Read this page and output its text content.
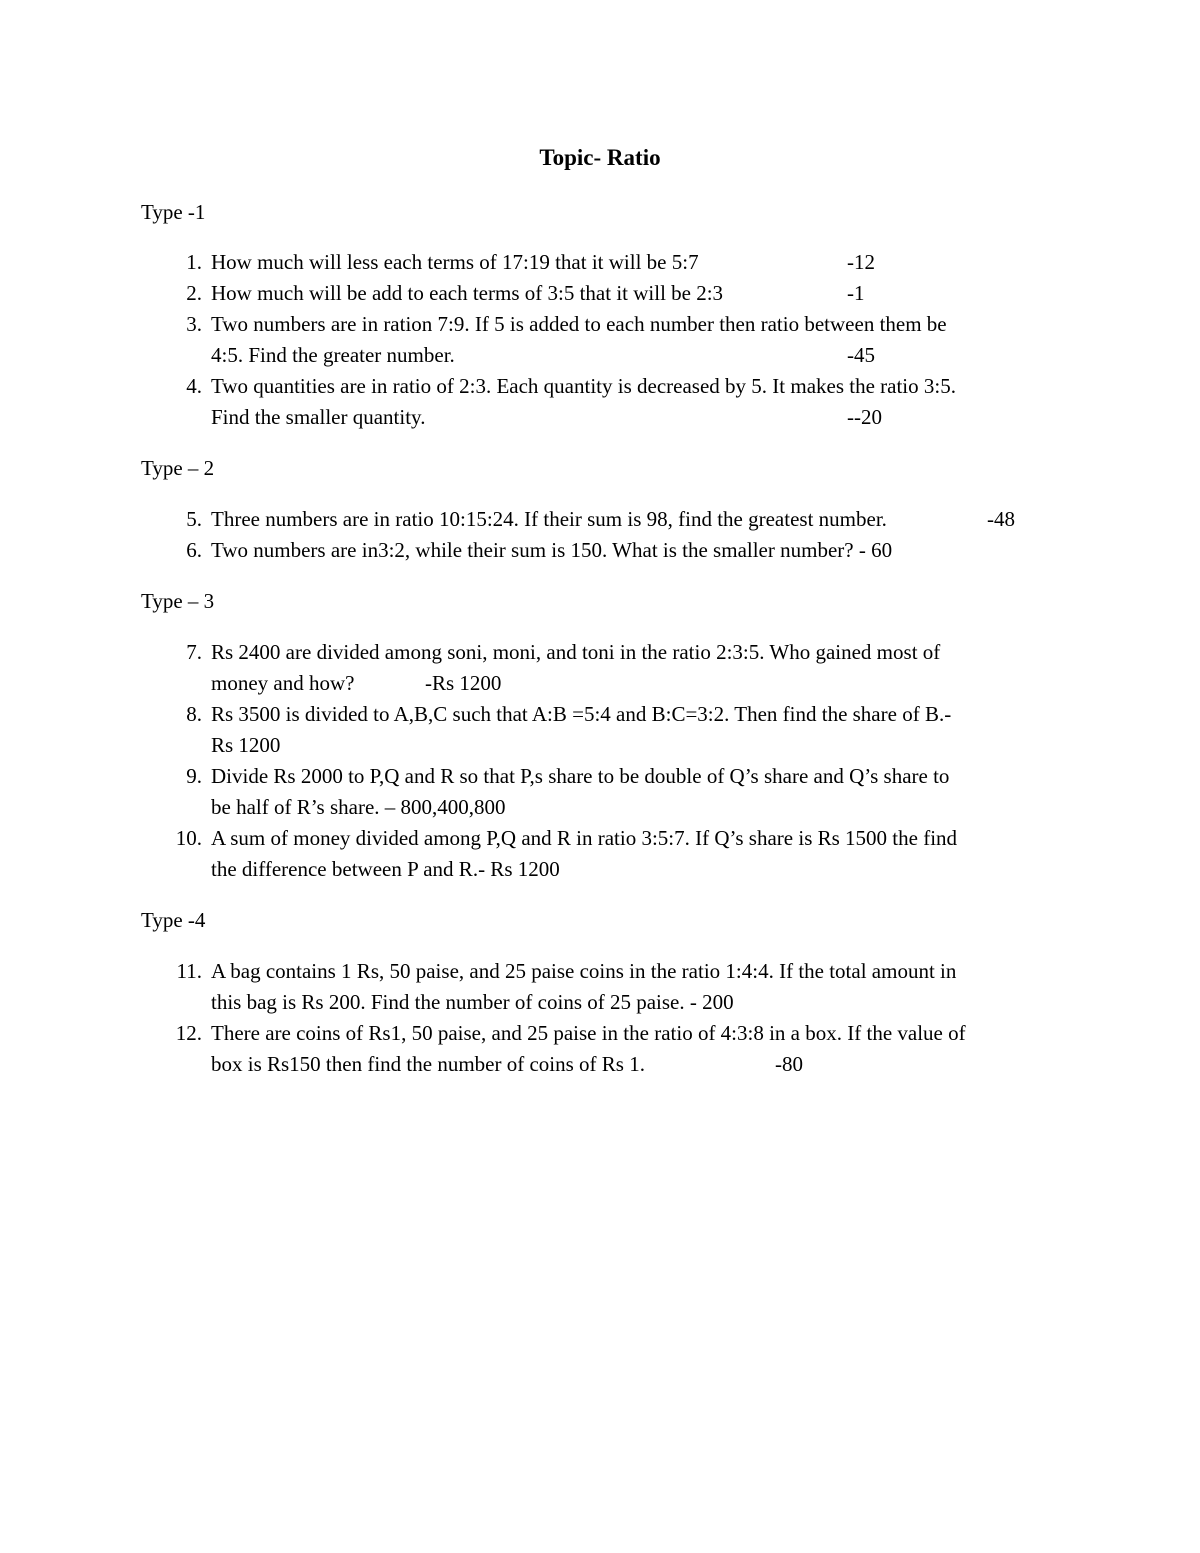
Topic- Ratio
Type -1
1. How much will less each terms of 17:19 that it will be 5:7	-12
2. How much will be add to each terms of 3:5 that it will be 2:3	-1
3. Two numbers are in ration 7:9. If 5 is added to each number then ratio between them be
4:5. Find the greater number.	-45
4. Two quantities are in ratio of 2:3. Each quantity is decreased by 5. It makes the ratio 3:5.
Find the smaller quantity.	--20
Type – 2
5. Three numbers are in ratio 10:15:24. If their sum is 98, find the greatest number.	-48
6. Two numbers are in3:2, while their sum is 150. What is the smaller number? - 60
Type – 3
7. Rs 2400 are divided among soni, moni, and toni in the ratio 2:3:5. Who gained most of
money and how?	-Rs 1200
8. Rs 3500 is divided to A,B,C such that A:B =5:4 and B:C=3:2. Then find the share of B.-
Rs 1200
9. Divide Rs 2000 to P,Q and R so that P,s share to be double of Q’s share and Q’s share to
be half of R’s share. – 800,400,800
10. A sum of money divided among P,Q and R in ratio 3:5:7. If Q’s share is Rs 1500 the find
the difference between P and R.- Rs 1200
Type -4
11. A bag contains 1 Rs, 50 paise, and 25 paise coins in the ratio 1:4:4. If the total amount in
this bag is Rs 200. Find the number of coins of 25 paise. - 200
12. There are coins of Rs1, 50 paise, and 25 paise in the ratio of 4:3:8 in a box. If the value of
box is Rs150 then find the number of coins of Rs 1.	-80
